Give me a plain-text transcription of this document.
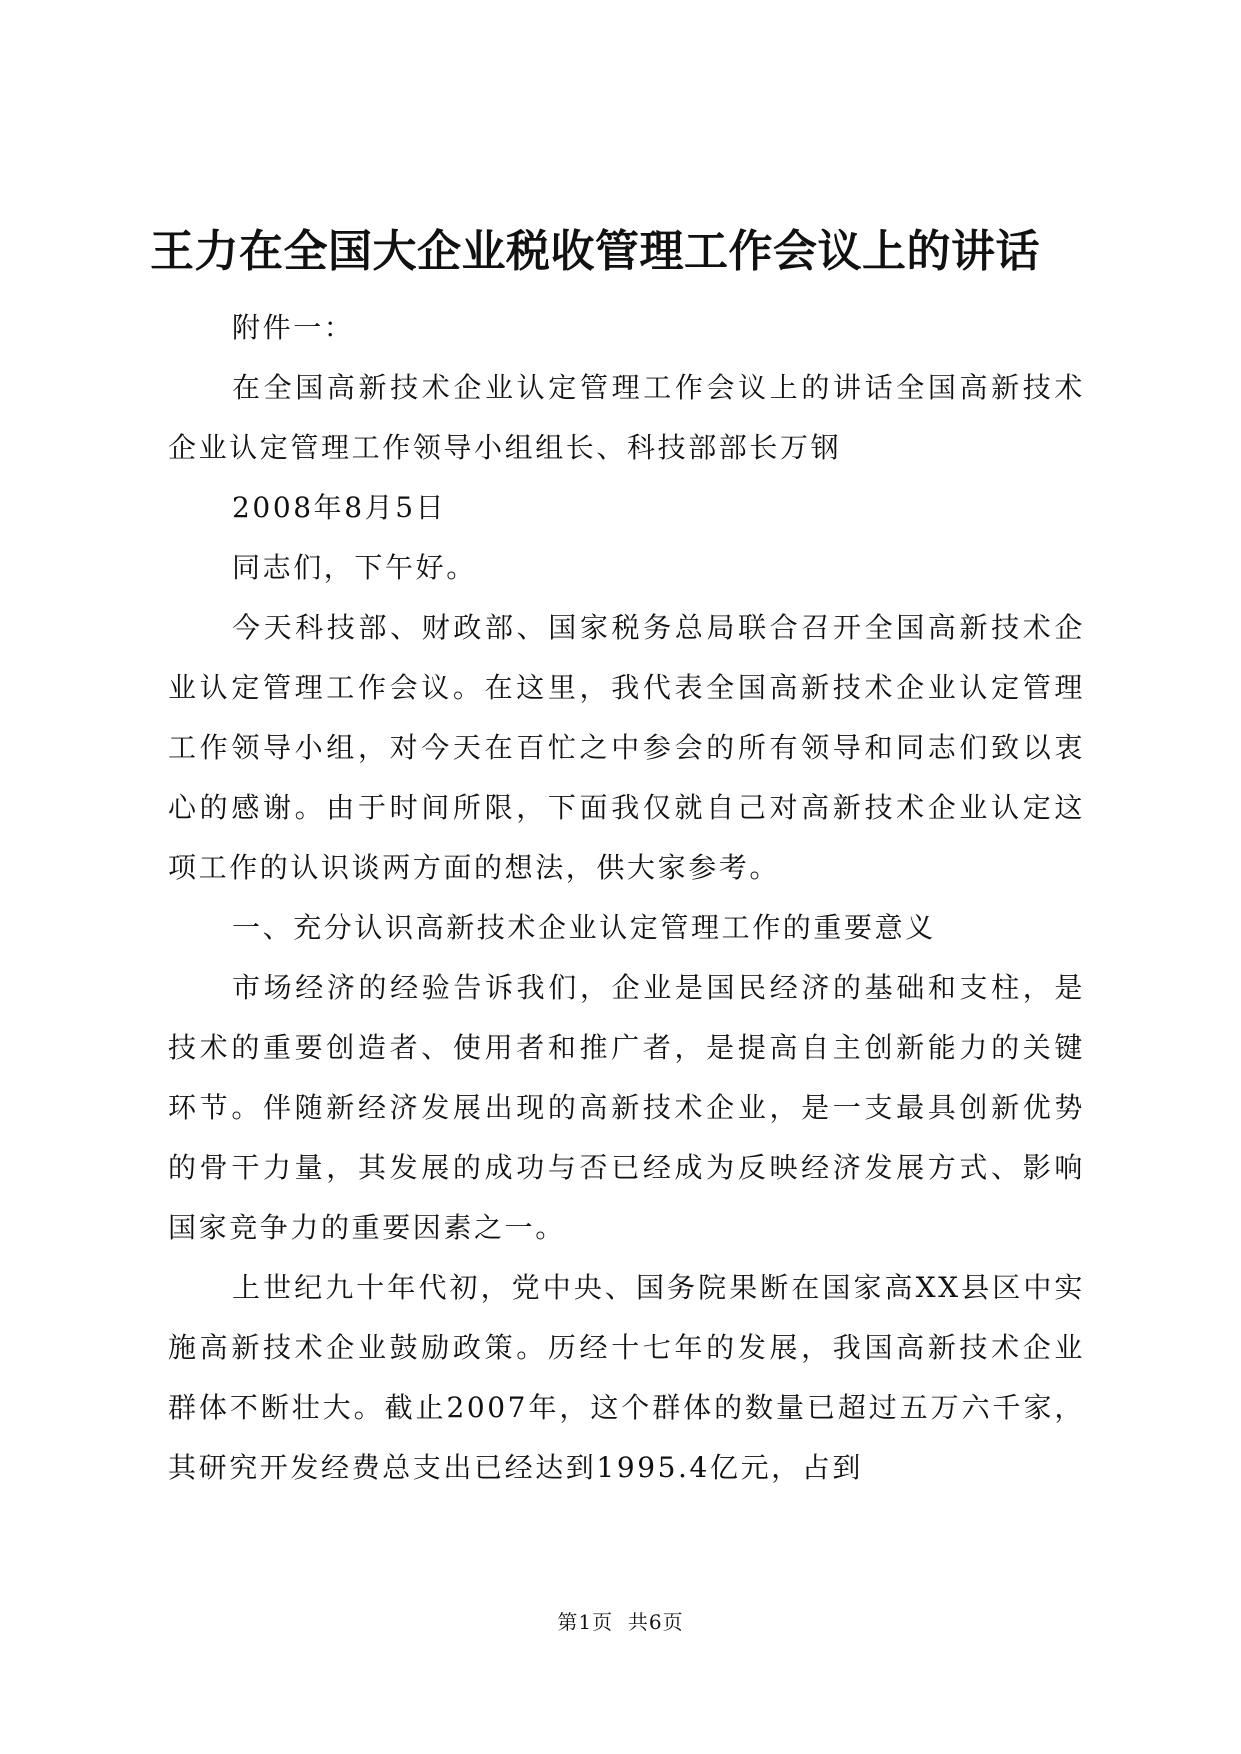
王力在全国大企业税收管理工作会议上的讲话

附件一：

在全国高新技术企业认定管理工作会议上的讲话全国高新技术企业认定管理工作领导小组组长、科技部部长万钢

2008年8月5日

同志们，下午好。

今天科技部、财政部、国家税务总局联合召开全国高新技术企业认定管理工作会议。在这里，我代表全国高新技术企业认定管理工作领导小组，对今天在百忙之中参会的所有领导和同志们致以衷心的感谢。由于时间所限，下面我仅就自己对高新技术企业认定这项工作的认识谈两方面的想法，供大家参考。

一、充分认识高新技术企业认定管理工作的重要意义

市场经济的经验告诉我们，企业是国民经济的基础和支柱，是技术的重要创造者、使用者和推广者，是提高自主创新能力的关键环节。伴随新经济发展出现的高新技术企业，是一支最具创新优势的骨干力量，其发展的成功与否已经成为反映经济发展方式、影响国家竞争力的重要因素之一。

上世纪九十年代初，党中央、国务院果断在国家高XX县区中实施高新技术企业鼓励政策。历经十七年的发展，我国高新技术企业群体不断壮大。截止2007年，这个群体的数量已超过五万六千家，其研究开发经费总支出已经达到1995.4亿元，占到

第1页 共6页
